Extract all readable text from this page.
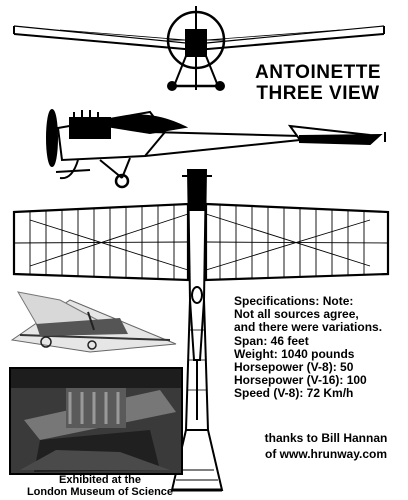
ANTOINETTE
THREE VIEW
Specifications: Note:
Not all sources agree,
and there were variations.
Span: 46 feet
Weight: 1040 pounds
Horsepower (V-8): 50
Horsepower (V-16): 100
Speed (V-8): 72 Km/h
thanks to Bill Hannan
of www.hrunway.com
Exhibited at the
London Museum of Science
